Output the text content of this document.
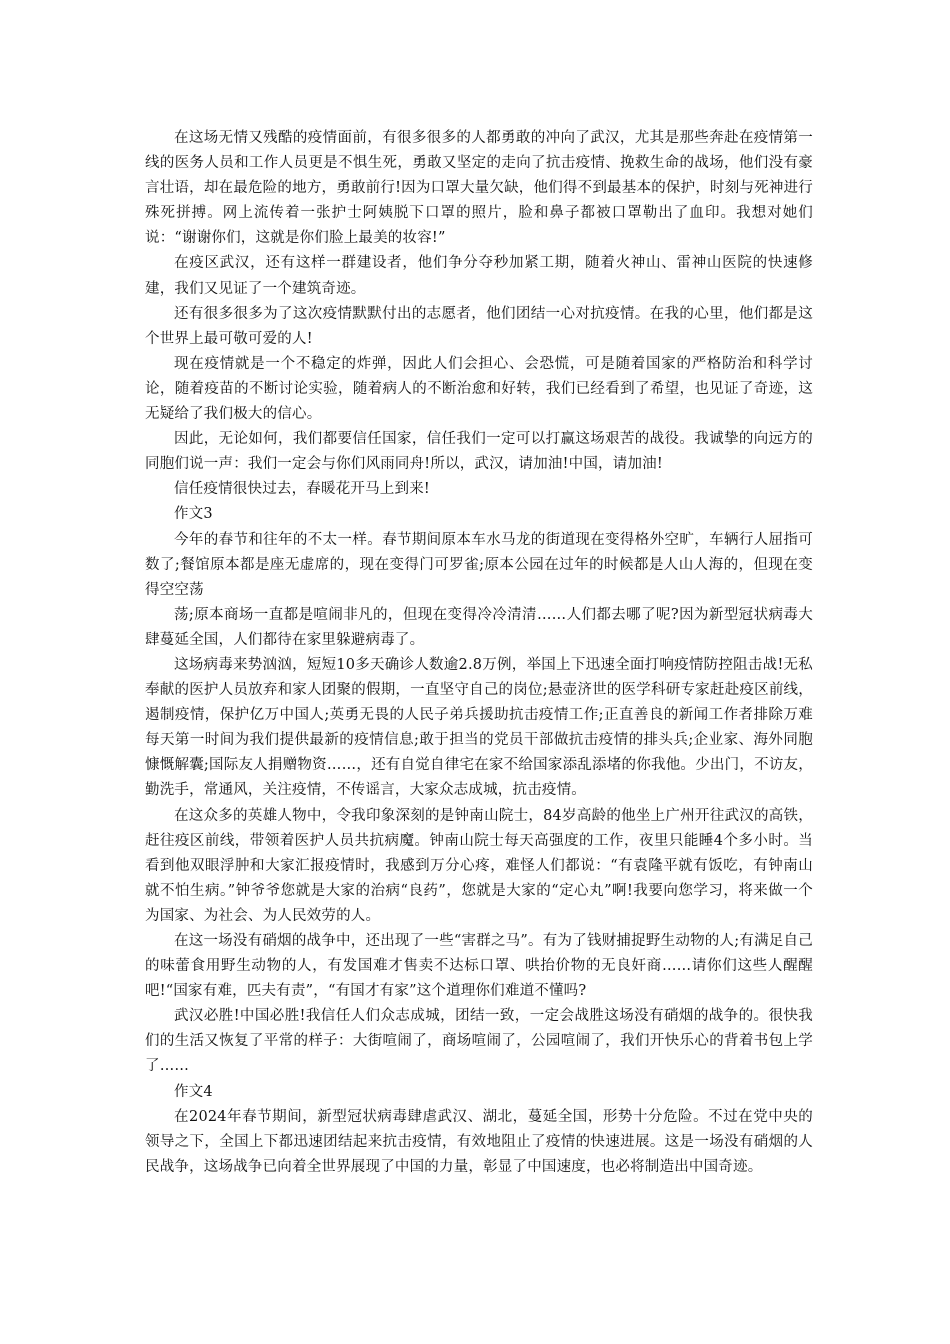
在这场无情又残酷的疫情面前，有很多很多的人都勇敢的冲向了武汉，尤其是那些奔赴在疫情第一线的医务人员和工作人员更是不惧生死，勇敢又坚定的走向了抗击疫情、挽救生命的战场，他们没有豪言壮语，却在最危险的地方，勇敢前行!因为口罩大量欠缺，他们得不到最基本的保护，时刻与死神进行殊死拼搏。网上流传着一张护士阿姨脱下口罩的照片，脸和鼻子都被口罩勒出了血印。我想对她们说：“谢谢你们，这就是你们脸上最美的妆容!”

在疫区武汉，还有这样一群建设者，他们争分夺秒加紧工期，随着火神山、雷神山医院的快速修建，我们又见证了一个建筑奇迹。

还有很多很多为了这次疫情默默付出的志愿者，他们团结一心对抗疫情。在我的心里，他们都是这个世界上最可敬可爱的人!

现在疫情就是一个不稳定的炸弹，因此人们会担心、会恐慌，可是随着国家的严格防治和科学讨论，随着疫苗的不断讨论实验，随着病人的不断治愈和好转，我们已经看到了希望，也见证了奇迹，这无疑给了我们极大的信心。

因此，无论如何，我们都要信任国家，信任我们一定可以打赢这场艰苦的战役。我诚挚的向远方的同胞们说一声：我们一定会与你们风雨同舟!所以，武汉，请加油!中国，请加油!

信任疫情很快过去，春暖花开马上到来!

作文3

今年的春节和往年的不太一样。春节期间原本车水马龙的街道现在变得格外空旷，车辆行人屈指可数了;餐馆原本都是座无虚席的，现在变得门可罗雀;原本公园在过年的时候都是人山人海的，但现在变得空空荡

荡;原本商场一直都是喧闹非凡的，但现在变得冷冷清清……人们都去哪了呢?因为新型冠状病毒大肆蔓延全国，人们都待在家里躲避病毒了。

这场病毒来势汹汹，短短10多天确诊人数逾2.8万例，举国上下迅速全面打响疫情防控阻击战!无私奉献的医护人员放弃和家人团聚的假期，一直坚守自己的岗位;悬壶济世的医学科研专家赶赴疫区前线，遏制疫情，保护亿万中国人;英勇无畏的人民子弟兵援助抗击疫情工作;正直善良的新闻工作者排除万难每天第一时间为我们提供最新的疫情信息;敢于担当的党员干部做抗击疫情的排头兵;企业家、海外同胞慷慨解囊;国际友人捐赠物资……，还有自觉自律宅在家不给国家添乱添堵的你我他。少出门，不访友，勤洗手，常通风，关注疫情，不传谣言，大家众志成城，抗击疫情。

在这众多的英雄人物中，令我印象深刻的是钟南山院士，84岁高龄的他坐上广州开往武汉的高铁，赶往疫区前线，带领着医护人员共抗病魔。钟南山院士每天高强度的工作，夜里只能睡4个多小时。当看到他双眼浮肿和大家汇报疫情时，我感到万分心疼，难怪人们都说：“有袁隆平就有饭吃，有钟南山就不怕生病。”钟爷爷您就是大家的治病“良药”，您就是大家的“定心丸”啊!我要向您学习，将来做一个为国家、为社会、为人民效劳的人。

在这一场没有硝烟的战争中，还出现了一些“害群之马”。有为了钱财捕捉野生动物的人;有满足自己的味蕾食用野生动物的人，有发国难才售卖不达标口罩、哄抬价物的无良奸商……请你们这些人醒醒吧!“国家有难，匹夫有责”，“有国才有家”这个道理你们难道不懂吗?

武汉必胜!中国必胜!我信任人们众志成城，团结一致，一定会战胜这场没有硝烟的战争的。很快我们的生活又恢复了平常的样子：大街喧闹了，商场喧闹了，公园喧闹了，我们开快乐心的背着书包上学了……

作文4

在2024年春节期间，新型冠状病毒肆虐武汉、湖北，蔓延全国，形势十分危险。不过在党中央的领导之下，全国上下都迅速团结起来抗击疫情，有效地阻止了疫情的快速进展。这是一场没有硝烟的人民战争，这场战争已向着全世界展现了中国的力量，彰显了中国速度，也必将制造出中国奇迹。
